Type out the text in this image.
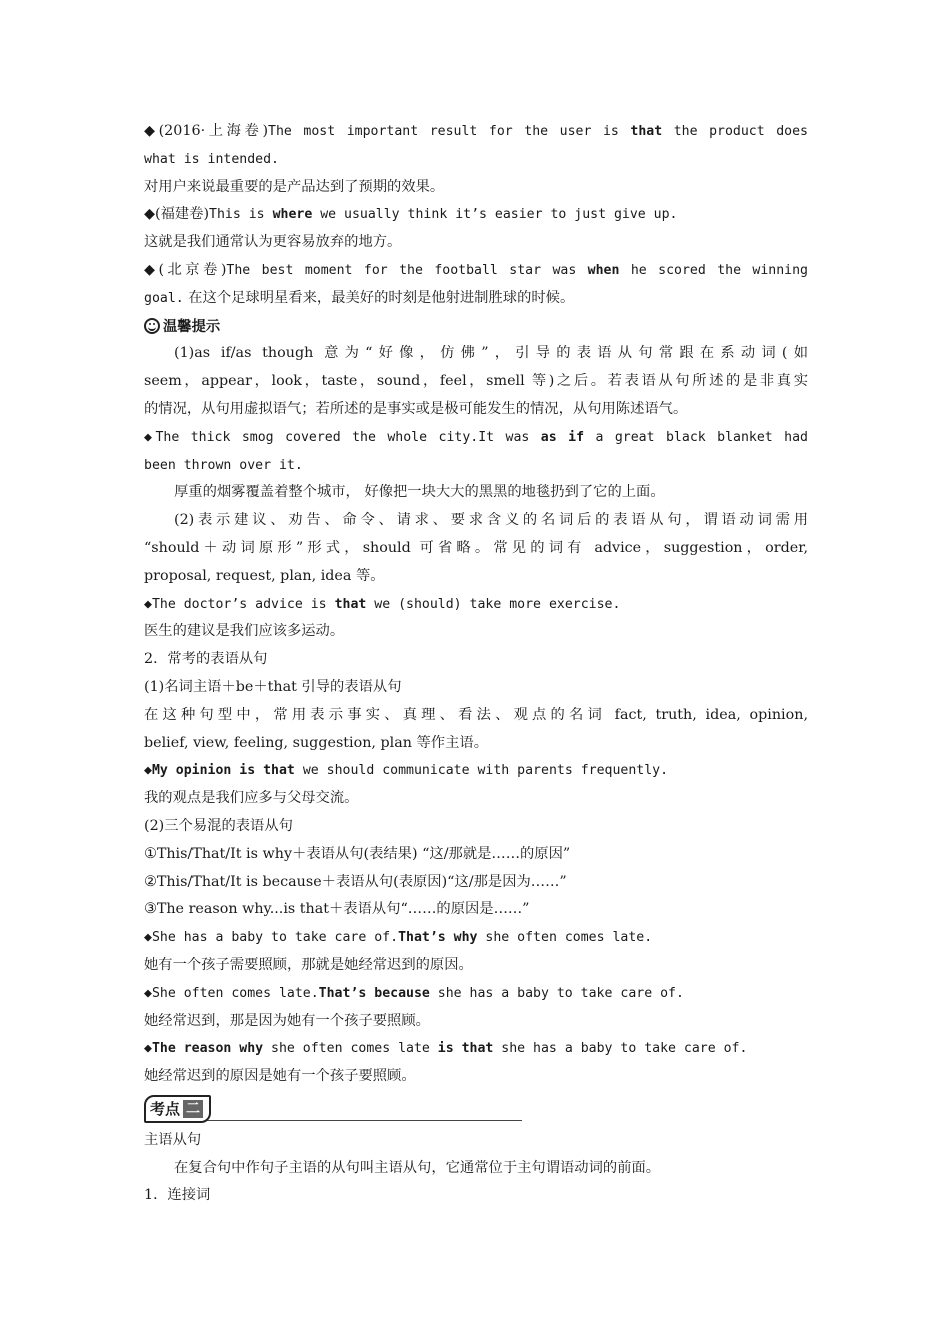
◆(2016·上海卷)The most important result for the user is that the product does
what is intended.
对用户来说最重要的是产品达到了预期的效果。
◆(福建卷)This is where we usually think it’s easier to just give up.
这就是我们通常认为更容易放弃的地方。
◆(北京卷)The best moment for the football star was when he scored the winning
goal. 在这个足球明星看来，最美好的时刻是他射进制胜球的时候。
温馨提示
(1)as if/as though 意为“好像，仿佛”，引导的表语从句常跟在系动词(如
seem，appear，look，taste，sound，feel，smell 等)之后。若表语从句所述的是非真实
的情况，从句用虚拟语气；若所述的是事实或是极可能发生的情况，从句用陈述语气。
◆The thick smog covered the whole city.It was as if a great black blanket had
been thrown over it.
厚重的烟雾覆盖着整个城市， 好像把一块大大的黑黑的地毯扔到了它的上面。
(2)表示建议、劝告、命令、请求、要求含义的名词后的表语从句，谓语动词需用
“should＋动词原形”形式，should 可省略。常见的词有 advice，suggestion，order,
proposal, request, plan, idea 等。
◆The doctor’s advice is that we (should) take more exercise.
医生的建议是我们应该多运动。
2．常考的表语从句
(1)名词主语＋be＋that 引导的表语从句
在这种句型中，常用表示事实、真理、看法、观点的名词 fact, truth, idea, opinion,
belief, view, feeling, suggestion, plan 等作主语。
◆My opinion is that we should communicate with parents frequently.
我的观点是我们应多与父母交流。
(2)三个易混的表语从句
①This/That/It is why＋表语从句(表结果) “这/那就是……的原因”
②This/That/It is because＋表语从句(表原因)“这/那是因为……”
③The reason why...is that＋表语从句“……的原因是……”
◆She has a baby to take care of.That’s why she often comes late.
她有一个孩子需要照顾，那就是她经常迟到的原因。
◆She often comes late.That’s because she has a baby to take care of.
她经常迟到，那是因为她有一个孩子要照顾。
◆The reason why she often comes late is that she has a baby to take care of.
她经常迟到的原因是她有一个孩子要照顾。
考点 二
主语从句
在复合句中作句子主语的从句叫主语从句，它通常位于主句谓语动词的前面。
1．连接词
